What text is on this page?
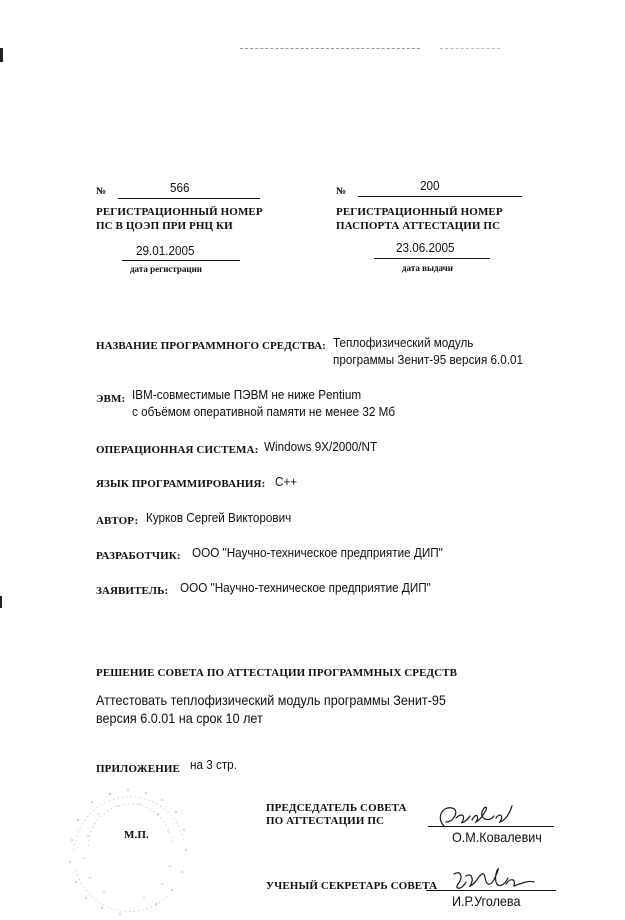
№	566
РЕГИСТРАЦИОННЫЙ НОМЕР
ПС В ЦОЭП ПРИ РНЦ КИ
29.01.2005
дата регистрации
№	200
РЕГИСТРАЦИОННЫЙ НОМЕР
ПАСПОРТА АТТЕСТАЦИИ ПС
23.06.2005
дата выдачи
НАЗВАНИЕ ПРОГРАММНОГО СРЕДСТВА: Теплофизический модуль
программы Зенит-95 версия 6.0.01
ЭВМ: IBM-совместимые ПЭВМ не ниже Pentium
с объёмом оперативной памяти не менее 32 Мб
ОПЕРАЦИОННАЯ СИСТЕМА: Windows 9X/2000/NT
ЯЗЫК ПРОГРАММИРОВАНИЯ: C++
АВТОР: Курков Сергей Викторович
РАЗРАБОТЧИК: ООО "Научно-техническое предприятие ДИП"
ЗАЯВИТЕЛЬ: ООО "Научно-техническое предприятие ДИП"
РЕШЕНИЕ СОВЕТА ПО АТТЕСТАЦИИ ПРОГРАММНЫХ СРЕДСТВ
Аттестовать теплофизический модуль программы Зенит-95
версия 6.0.01 на срок 10 лет
ПРИЛОЖЕНИЕ на 3 стр.
М.П.
ПРЕДСЕДАТЕЛЬ СОВЕТА
ПО АТТЕСТАЦИИ ПС
О.М.Ковалевич
УЧЕНЫЙ СЕКРЕТАРЬ СОВЕТА
И.Р.Уголева
